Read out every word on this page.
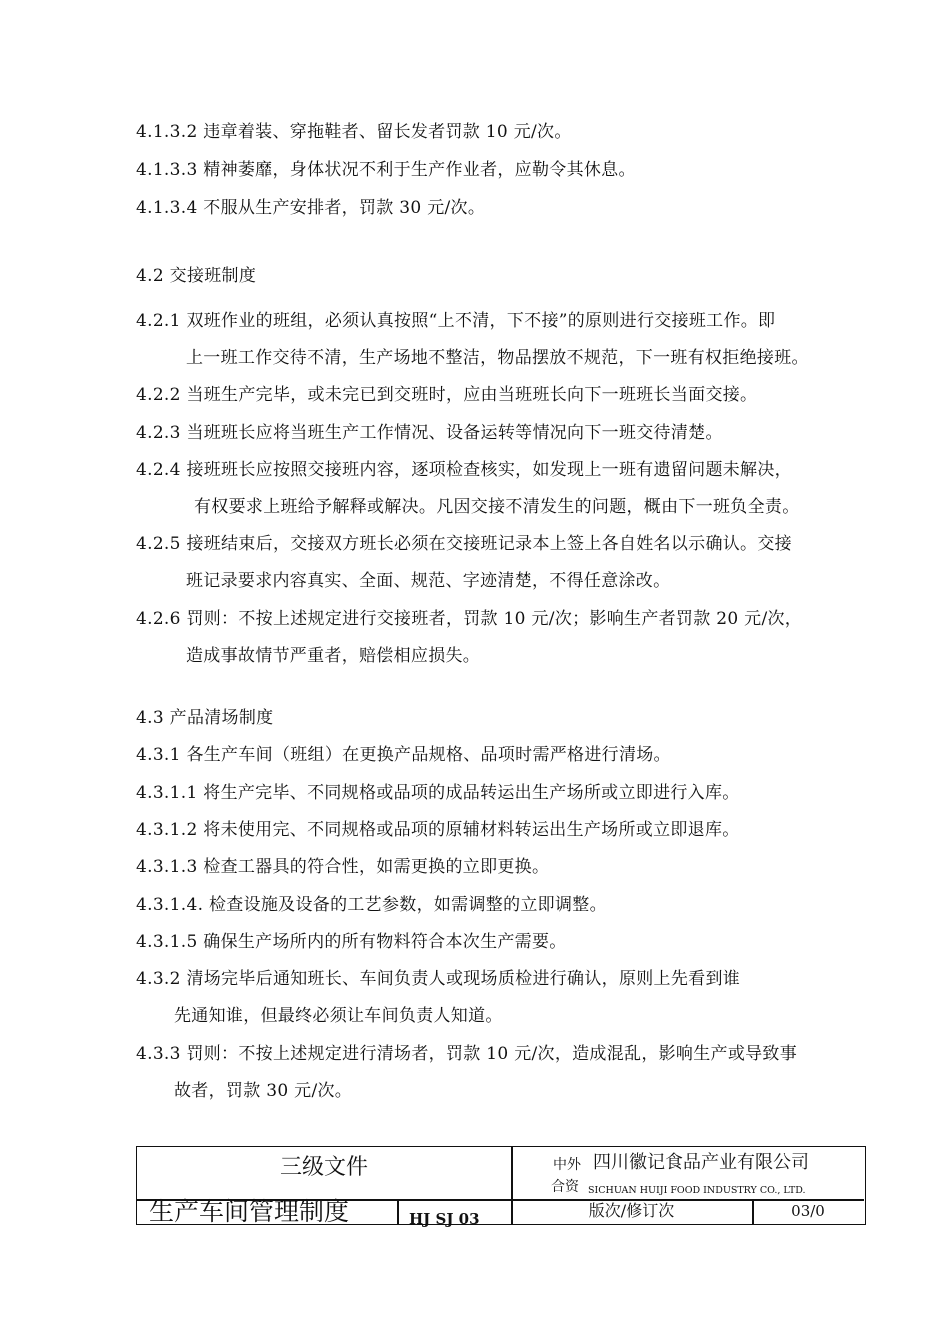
4.1.3.2 违章着装、穿拖鞋者、留长发者罚款 10 元/次。
4.1.3.3 精神萎靡，身体状况不利于生产作业者，应勒令其休息。
4.1.3.4 不服从生产安排者，罚款 30 元/次。
4.2 交接班制度
4.2.1 双班作业的班组，必须认真按照“上不清，下不接”的原则进行交接班工作。即
上一班工作交待不清，生产场地不整洁，物品摆放不规范，下一班有权拒绝接班。
4.2.2 当班生产完毕，或未完已到交班时，应由当班班长向下一班班长当面交接。
4.2.3 当班班长应将当班生产工作情况、设备运转等情况向下一班交待清楚。
4.2.4 接班班长应按照交接班内容，逐项检查核实，如发现上一班有遗留问题未解决，
有权要求上班给予解释或解决。凡因交接不清发生的问题，概由下一班负全责。
4.2.5 接班结束后，交接双方班长必须在交接班记录本上签上各自姓名以示确认。交接
班记录要求内容真实、全面、规范、字迹清楚，不得任意涂改。
4.2.6 罚则：不按上述规定进行交接班者，罚款 10 元/次；影响生产者罚款 20 元/次，
造成事故情节严重者，赔偿相应损失。
4.3 产品清场制度
4.3.1 各生产车间（班组）在更换产品规格、品项时需严格进行清场。
4.3.1.1 将生产完毕、不同规格或品项的成品转运出生产场所或立即进行入库。
4.3.1.2 将未使用完、不同规格或品项的原辅材料转运出生产场所或立即退库。
4.3.1.3 检查工器具的符合性，如需更换的立即更换。
4.3.1.4. 检查设施及设备的工艺参数，如需调整的立即调整。
4.3.1.5 确保生产场所内的所有物料符合本次生产需要。
4.3.2 清场完毕后通知班长、车间负责人或现场质检进行确认，原则上先看到谁
先通知谁，但最终必须让车间负责人知道。
4.3.3 罚则：不按上述规定进行清场者，罚款 10 元/次，造成混乱，影响生产或导致事
故者，罚款 30 元/次。
三级文件	中外 四川徽记食品产业有限公司
合资 SICHUAN HUIJI FOOD INDUSTRY CO., LTD.
生产车间管理制度	HJ SJ 03	版次/修订次	03/0
